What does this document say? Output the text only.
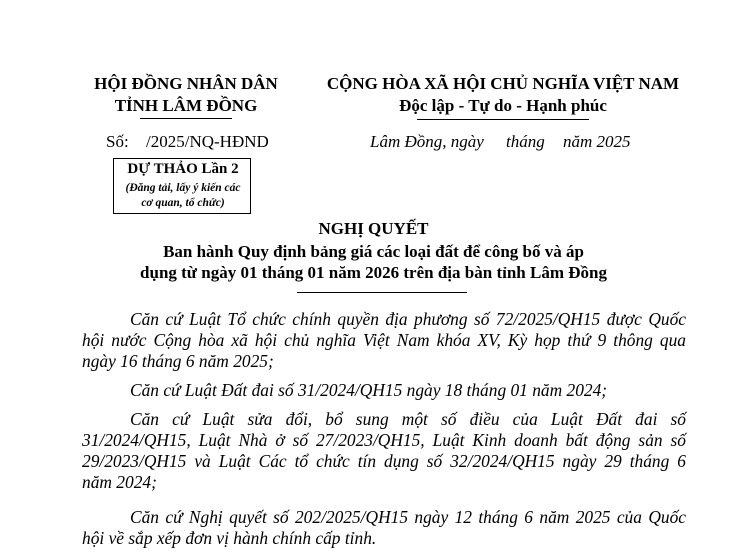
HỘI ĐỒNG NHÂN DÂN
TỈNH LÂM ĐỒNG
CỘNG HÒA XÃ HỘI CHỦ NGHĨA VIỆT NAM
Độc lập - Tự do - Hạnh phúc
Số: /2025/NQ-HĐND	Lâm Đồng, ngày tháng năm 2025
DỰ THẢO Lần 2
(Đăng tải, lấy ý kiến các
cơ quan, tổ chức)
NGHỊ QUYẾT
Ban hành Quy định bảng giá các loại đất để công bố và áp
dụng từ ngày 01 tháng 01 năm 2026 trên địa bàn tỉnh Lâm Đồng
Căn cứ Luật Tổ chức chính quyền địa phương số 72/2025/QH15 được Quốc
hội nước Cộng hòa xã hội chủ nghĩa Việt Nam khóa XV, Kỳ họp thứ 9 thông qua
ngày 16 tháng 6 năm 2025;
Căn cứ Luật Đất đai số 31/2024/QH15 ngày 18 tháng 01 năm 2024;
Căn cứ Luật sửa đổi, bổ sung một số điều của Luật Đất đai số
31/2024/QH15, Luật Nhà ở số 27/2023/QH15, Luật Kinh doanh bất động sản số
29/2023/QH15 và Luật Các tổ chức tín dụng số 32/2024/QH15 ngày 29 tháng 6
năm 2024;
Căn cứ Nghị quyết số 202/2025/QH15 ngày 12 tháng 6 năm 2025 của Quốc
hội về sắp xếp đơn vị hành chính cấp tỉnh.
